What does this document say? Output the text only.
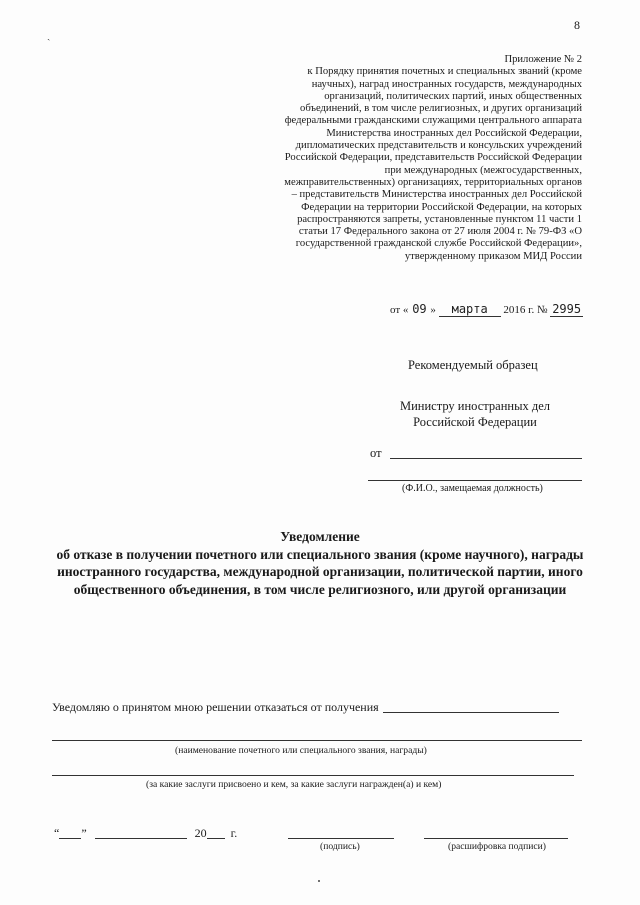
8
ˎ
Приложение № 2
к Порядку принятия почетных и специальных званий (кроме научных), наград иностранных государств, международных организаций, политических партий, иных общественных объединений, в том числе религиозных, и других организаций федеральными гражданскими служащими центрального аппарата Министерства иностранных дел Российской Федерации, дипломатических представительств и консульских учреждений Российской Федерации, представительств Российской Федерации при международных (межгосударственных, межправительственных) организациях, территориальных органов – представительств Министерства иностранных дел Российской Федерации на территории Российской Федерации, на которых распространяются запреты, установленные пунктом 11 части 1 статьи 17 Федерального закона от 27 июля 2004 г. № 79-ФЗ «О государственной гражданской службе Российской Федерации», утвержденному приказом МИД России
от « 09 » марта 2016 г. № 2995
Рекомендуемый образец
Министру иностранных дел Российской Федерации
от
(Ф.И.О., замещаемая должность)
Уведомление
об отказе в получении почетного или специального звания (кроме научного), награды иностранного государства, международной организации, политической партии, иного общественного объединения, в том числе религиозного, или другой организации
Уведомляю о принятом мною решении отказаться от получения
(наименование почетного или специального звания, награды)
(за какие заслуги присвоено и кем, за какие заслуги награжден(а) и кем)
“ ”	20 г.
(подпись)	(расшифровка подписи)
